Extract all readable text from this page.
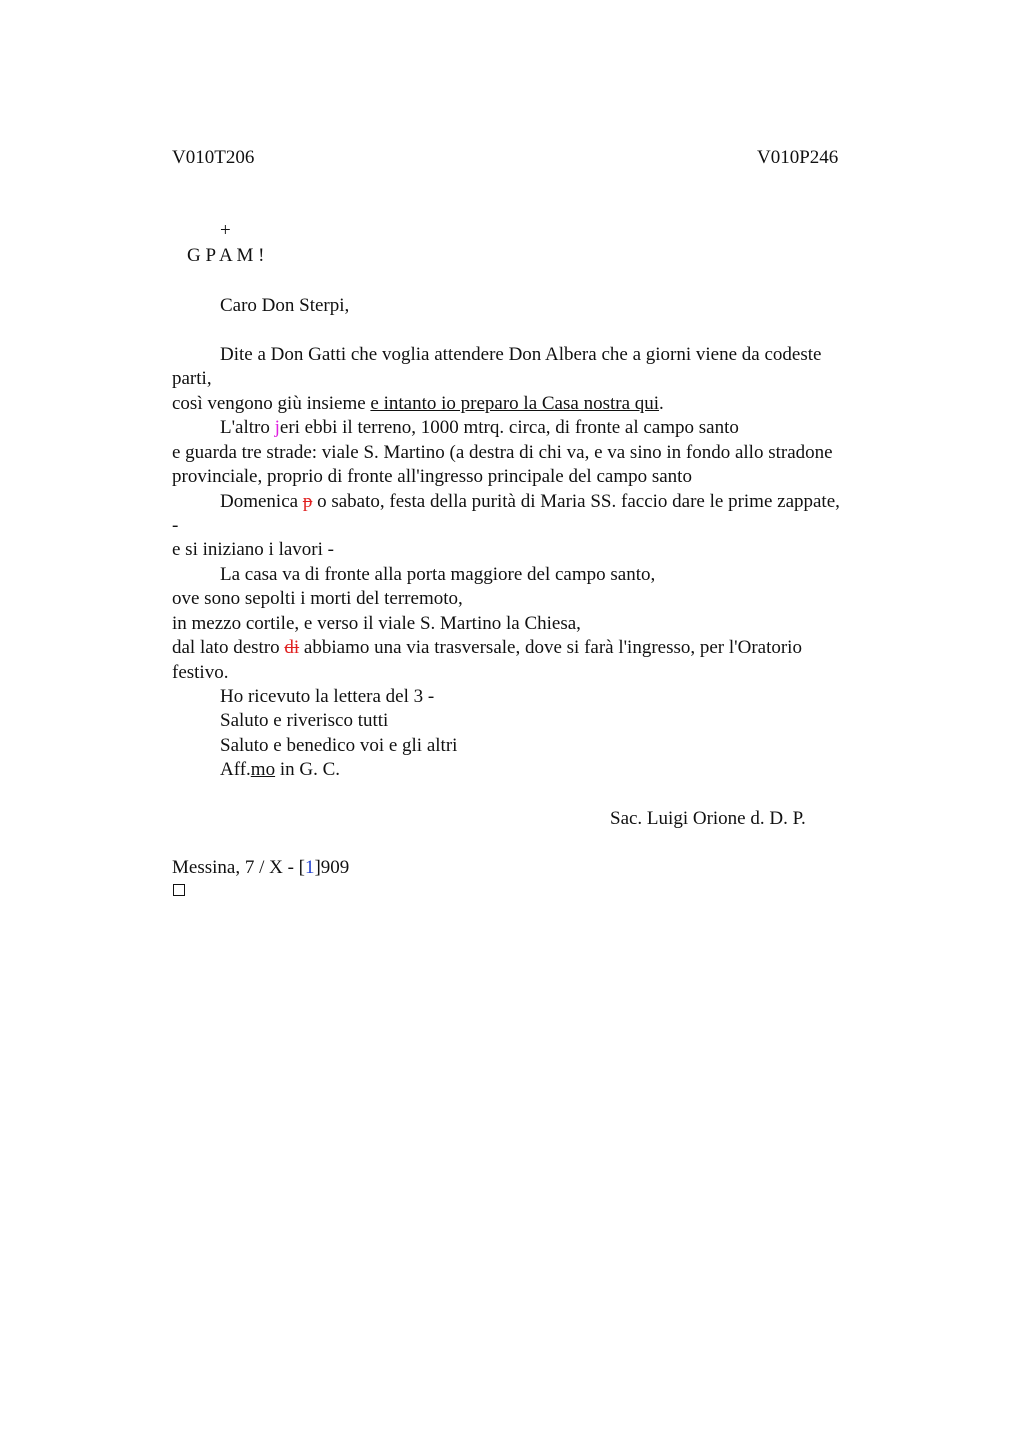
V010T206	V010P246
+
G P A M !
Caro Don Sterpi,
Dite a Don Gatti che voglia attendere Don Albera che a giorni viene da codeste
parti,
così vengono giù insieme e intanto io preparo la Casa nostra qui.
L'altro jeri ebbi il terreno, 1000 mtrq. circa, di fronte al campo santo
e guarda tre strade: viale S. Martino (a destra di chi va, e va sino in fondo allo stradone
provinciale, proprio di fronte all'ingresso principale del campo santo
Domenica p o sabato, festa della purità di Maria SS. faccio dare le prime zappate,
-
e si iniziano i lavori -
La casa va di fronte alla porta maggiore del campo santo,
ove sono sepolti i morti del terremoto,
in mezzo cortile, e verso il viale S. Martino la Chiesa,
dal lato destro di abbiamo una via trasversale, dove si farà l'ingresso, per l'Oratorio
festivo.
Ho ricevuto la lettera del 3 -
Saluto e riverisco tutti
Saluto e benedico voi e gli altri
Aff.mo in G. C.
Sac. Luigi Orione d. D. P.
Messina, 7 / X - [1]909
